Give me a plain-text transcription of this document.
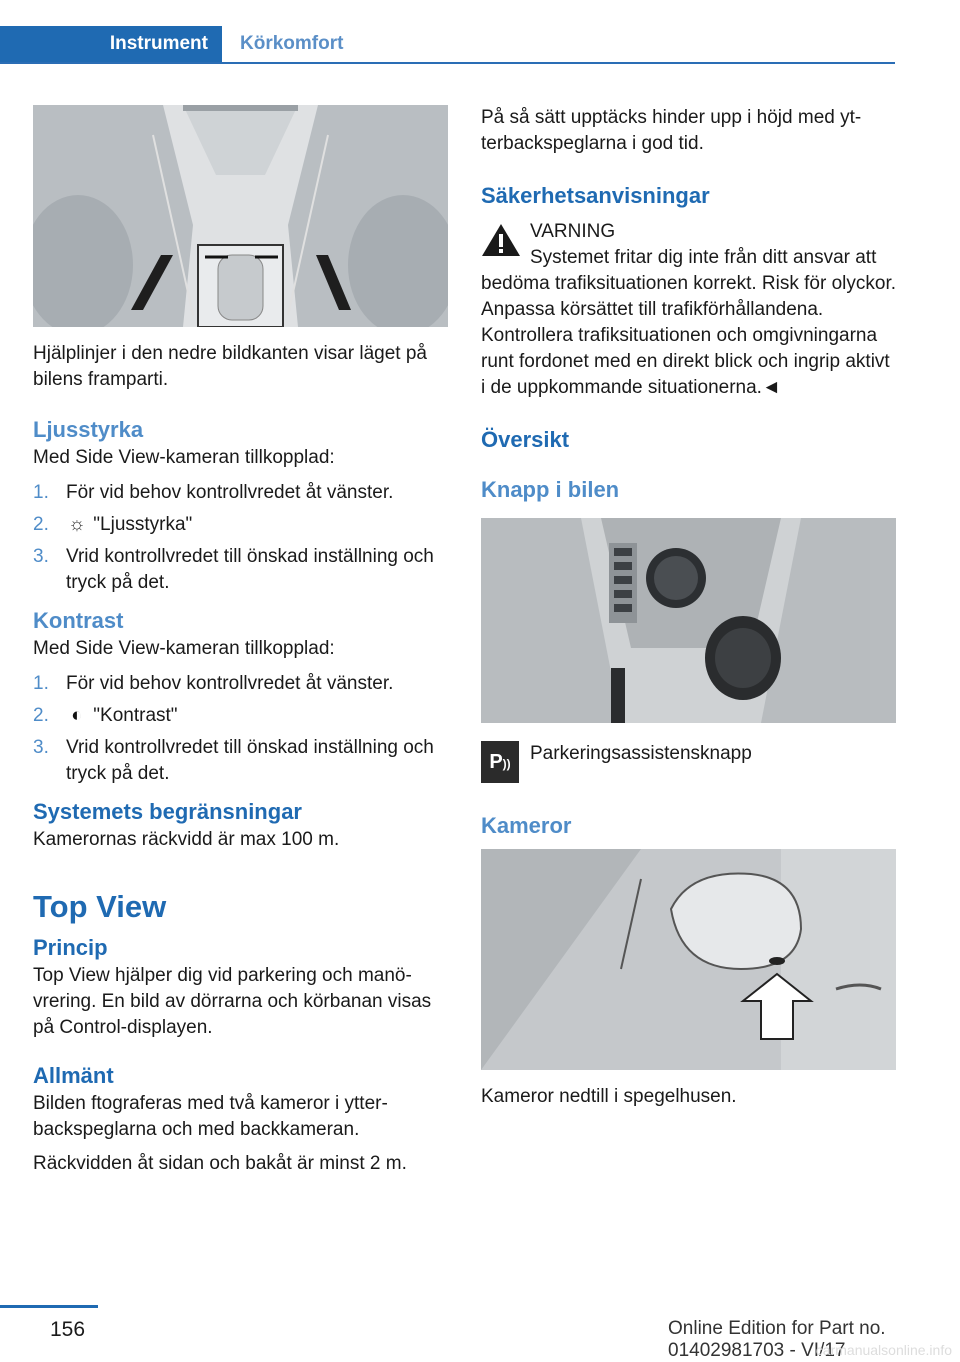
Instrument	Körkomfort

Hjälplinjer i den nedre bildkanten visar läget på bilens framparti.

Ljusstyrka

Med Side View-kameran tillkopplad:

1. För vid behov kontrollvredet åt vänster.
2. ☼ "Ljusstyrka"
3. Vrid kontrollvredet till önskad inställning och tryck på det.
Kontrast

Med Side View-kameran tillkopplad:

1. För vid behov kontrollvredet åt vänster.
2. ◐ "Kontrast"
3. Vrid kontrollvredet till önskad inställning och tryck på det.
Systemets begränsningar

Kamerornas räckvidd är max 100 m.

Top View
Princip

Top View hjälper dig vid parkering och manövrering. En bild av dörrarna och körbanan visas på Control-displayen.

Allmänt

Bilden ftograferas med två kameror i ytterbackspeglarna och med backkameran.

Räckvidden åt sidan och bakåt är minst 2 m.

På så sätt upptäcks hinder upp i höjd med ytterbackspeglarna i god tid.

Säkerhetsanvisningar

VARNING

Systemet fritar dig inte från ditt ansvar att bedöma trafiksituationen korrekt. Risk för olyckor. Anpassa körsättet till trafikförhållandena. Kontrollera trafiksituationen och omgivningarna runt fordonet med en direkt blick och ingrip aktivt i de uppkommande situationerna.◄

Översikt
Knapp i bilen
P))	Parkeringsassistensknapp

Kameror

Kameror nedtill i spegelhusen.

156	Online Edition for Part no. 01402981703 - VI/17
carmanualsonline.info
